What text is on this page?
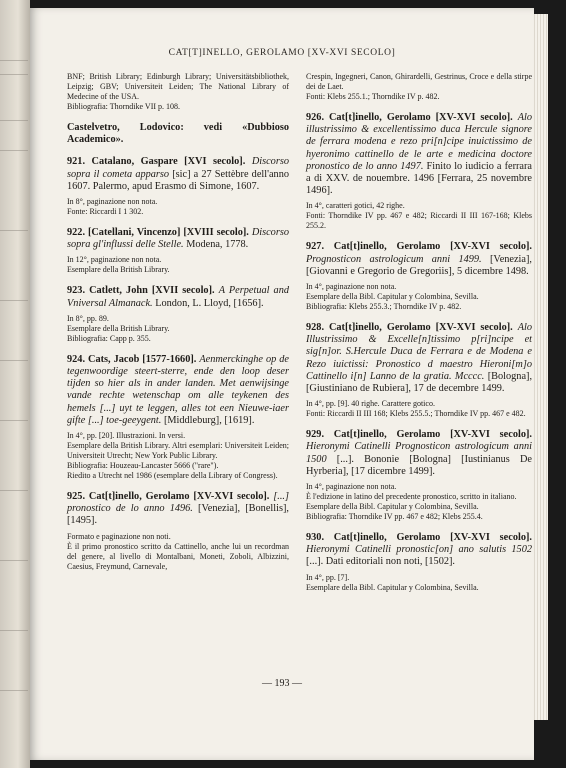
CAT[T]INELLO, GEROLAMO [XV-XVI SECOLO]

BNF; British Library; Edinburgh Library; Universitätsbibliothek, Leipzig; GBV; Universiteit Leiden; The National Library of Medecine of the USA.

Bibliografia: Thorndike VII p. 108.

Castelvetro, Lodovico: vedi «Dubbioso Academico».
921. Catalano, Gaspare [XVI secolo]. Discorso sopra il cometa apparso [sic] a 27 Settèbre dell'anno 1607. Palermo, apud Erasmo di Simone, 1607.

In 8°, paginazione non nota.

Fonte: Riccardi I 1 302.

922. [Catellani, Vincenzo] [XVIII secolo]. Discorso sopra gl'influssi delle Stelle. Modena, 1778.

In 12°, paginazione non nota.

Esemplare della British Library.

923. Catlett, John [XVII secolo]. A Perpetual and Vniversal Almanack. London, L. Lloyd, [1656].

In 8°, pp. 89.

Esemplare della British Library.

Bibliografia: Capp p. 355.

924. Cats, Jacob [1577-1660]. Aenmerckinghe op de tegenwoordige steert-sterre, ende den loop deser tijden so hier als in ander landen. Met aenwijsinge vande rechte wetenschap om alle teykenen des hemels [...] uyt te leggen, alles tot een Nieuwe-iaer gifte [...] toe-geeygent. [Middleburg], [1619].

In 4°, pp. [20]. Illustrazioni. In versi.

Esemplare della British Library. Altri esemplari: Universiteit Leiden; Universiteit Utrecht; New York Public Library.

Bibliografia: Houzeau-Lancaster 5666 ("rare").

Riedito a Utrecht nel 1986 (esemplare della Library of Congress).

925. Cat[t]inello, Gerolamo [XV-XVI secolo]. [...] pronostico de lo anno 1496. [Venezia], [Bonellis], [1495].

Formato e paginazione non noti.

È il primo pronostico scritto da Cattinello, anche lui un recordman del genere, al livello di Montalbani, Moneti, Zoboli, Albizzini, Caesius, Freymund, Carnevale,

Crespin, Ingegneri, Canon, Ghirardelli, Gestrinus, Croce e della stirpe dei de Laet.

Fonti: Klebs 255.1.; Thorndike IV p. 482.

926. Cat[t]inello, Gerolamo [XV-XVI secolo]. Alo illustrissimo & excellentissimo duca Hercule signore de ferrara modena e rezo pri[n]cipe inuictissimo de hyeronimo cattinello de le arte e medicina doctore pronostico de lo anno 1497. Finito lo iudicio a ferrara a di XXV. de nouembre. 1496 [Ferrara, 25 novembre 1496].

In 4°, caratteri gotici, 42 righe.

Fonti: Thorndike IV pp. 467 e 482; Riccardi II III 167-168; Klebs 255.2.

927. Cat[t]inello, Gerolamo [XV-XVI secolo]. Prognosticon astrologicum anni 1499. [Venezia], [Giovanni e Gregorio de Gregoriis], 5 dicembre 1498.

In 4°, paginazione non nota.

Esemplare della Bibl. Capitular y Colombina, Sevilla.

Bibliografia: Klebs 255.3.; Thorndike IV p. 482.

928. Cat[t]inello, Gerolamo [XV-XVI secolo]. Alo Illustrissimo & Excelle[n]tissimo p[ri]ncipe et sig[n]or. S.Hercule Duca de Ferrara e de Modena e Rezo iuictissi: Pronostico d maestro Hieroni[m]o Cattinello i[n] Lanno de la gratia. Mcccc. [Bologna], [Giustiniano de Rubiera], 17 de decembre 1499.

In 4°, pp. [9]. 40 righe. Carattere gotico.

Fonti: Riccardi II III 168; Klebs 255.5.; Thorndike IV pp. 467 e 482.

929. Cat[t]inello, Gerolamo [XV-XVI secolo]. Hieronymi Catinelli Prognosticon astrologicum anni 1500 [...]. Bononie [Bologna] [Iustinianus De Hyrberia], [17 dicembre 1499].

In 4°, paginazione non nota.

È l'edizione in latino del precedente pronostico, scritto in italiano.

Esemplare della Bibl. Capitular y Colombina, Sevilla.

Bibliografia: Thorndike IV pp. 467 e 482; Klebs 255.4.

930. Cat[t]inello, Gerolamo [XV-XVI secolo]. Hieronymi Catinelli pronostic[on] ano salutis 1502 [...]. Dati editoriali non noti, [1502].

In 4°, pp. [7].

Esemplare della Bibl. Capitular y Colombina, Sevilla.

— 193 —
